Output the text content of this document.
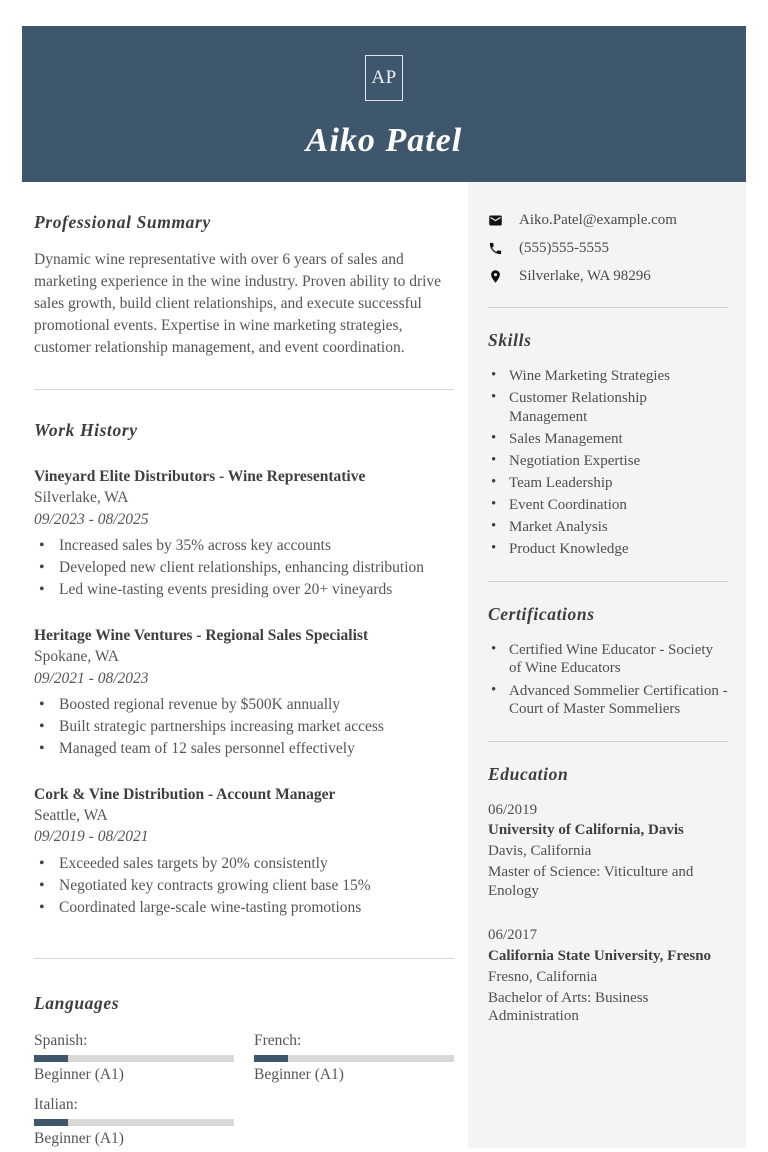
AP
Aiko Patel
Professional Summary

Dynamic wine representative with over 6 years of sales and marketing experience in the wine industry. Proven ability to drive sales growth, build client relationships, and execute successful promotional events. Expertise in wine marketing strategies, customer relationship management, and event coordination.

Work History
Vineyard Elite Distributors - Wine Representative
Silverlake, WA
09/2023 - 08/2025
• Increased sales by 35% across key accounts
• Developed new client relationships, enhancing distribution
• Led wine-tasting events presiding over 20+ vineyards
Heritage Wine Ventures - Regional Sales Specialist
Spokane, WA
09/2021 - 08/2023
• Boosted regional revenue by $500K annually
• Built strategic partnerships increasing market access
• Managed team of 12 sales personnel effectively
Cork & Vine Distribution - Account Manager
Seattle, WA
09/2019 - 08/2021
• Exceeded sales targets by 20% consistently
• Negotiated key contracts growing client base 15%
• Coordinated large-scale wine-tasting promotions
Languages
Spanish:
Beginner (A1)
French:
Beginner (A1)
Italian:
Beginner (A1)
Aiko.Patel@example.com
(555)555-5555
Silverlake, WA 98296
Skills
• Wine Marketing Strategies
• Customer Relationship Management
• Sales Management
• Negotiation Expertise
• Team Leadership
• Event Coordination
• Market Analysis
• Product Knowledge
Certifications
• Certified Wine Educator - Society of Wine Educators
• Advanced Sommelier Certification - Court of Master Sommeliers
Education
06/2019
University of California, Davis
Davis, California
Master of Science: Viticulture and Enology
06/2017
California State University, Fresno
Fresno, California
Bachelor of Arts: Business Administration
